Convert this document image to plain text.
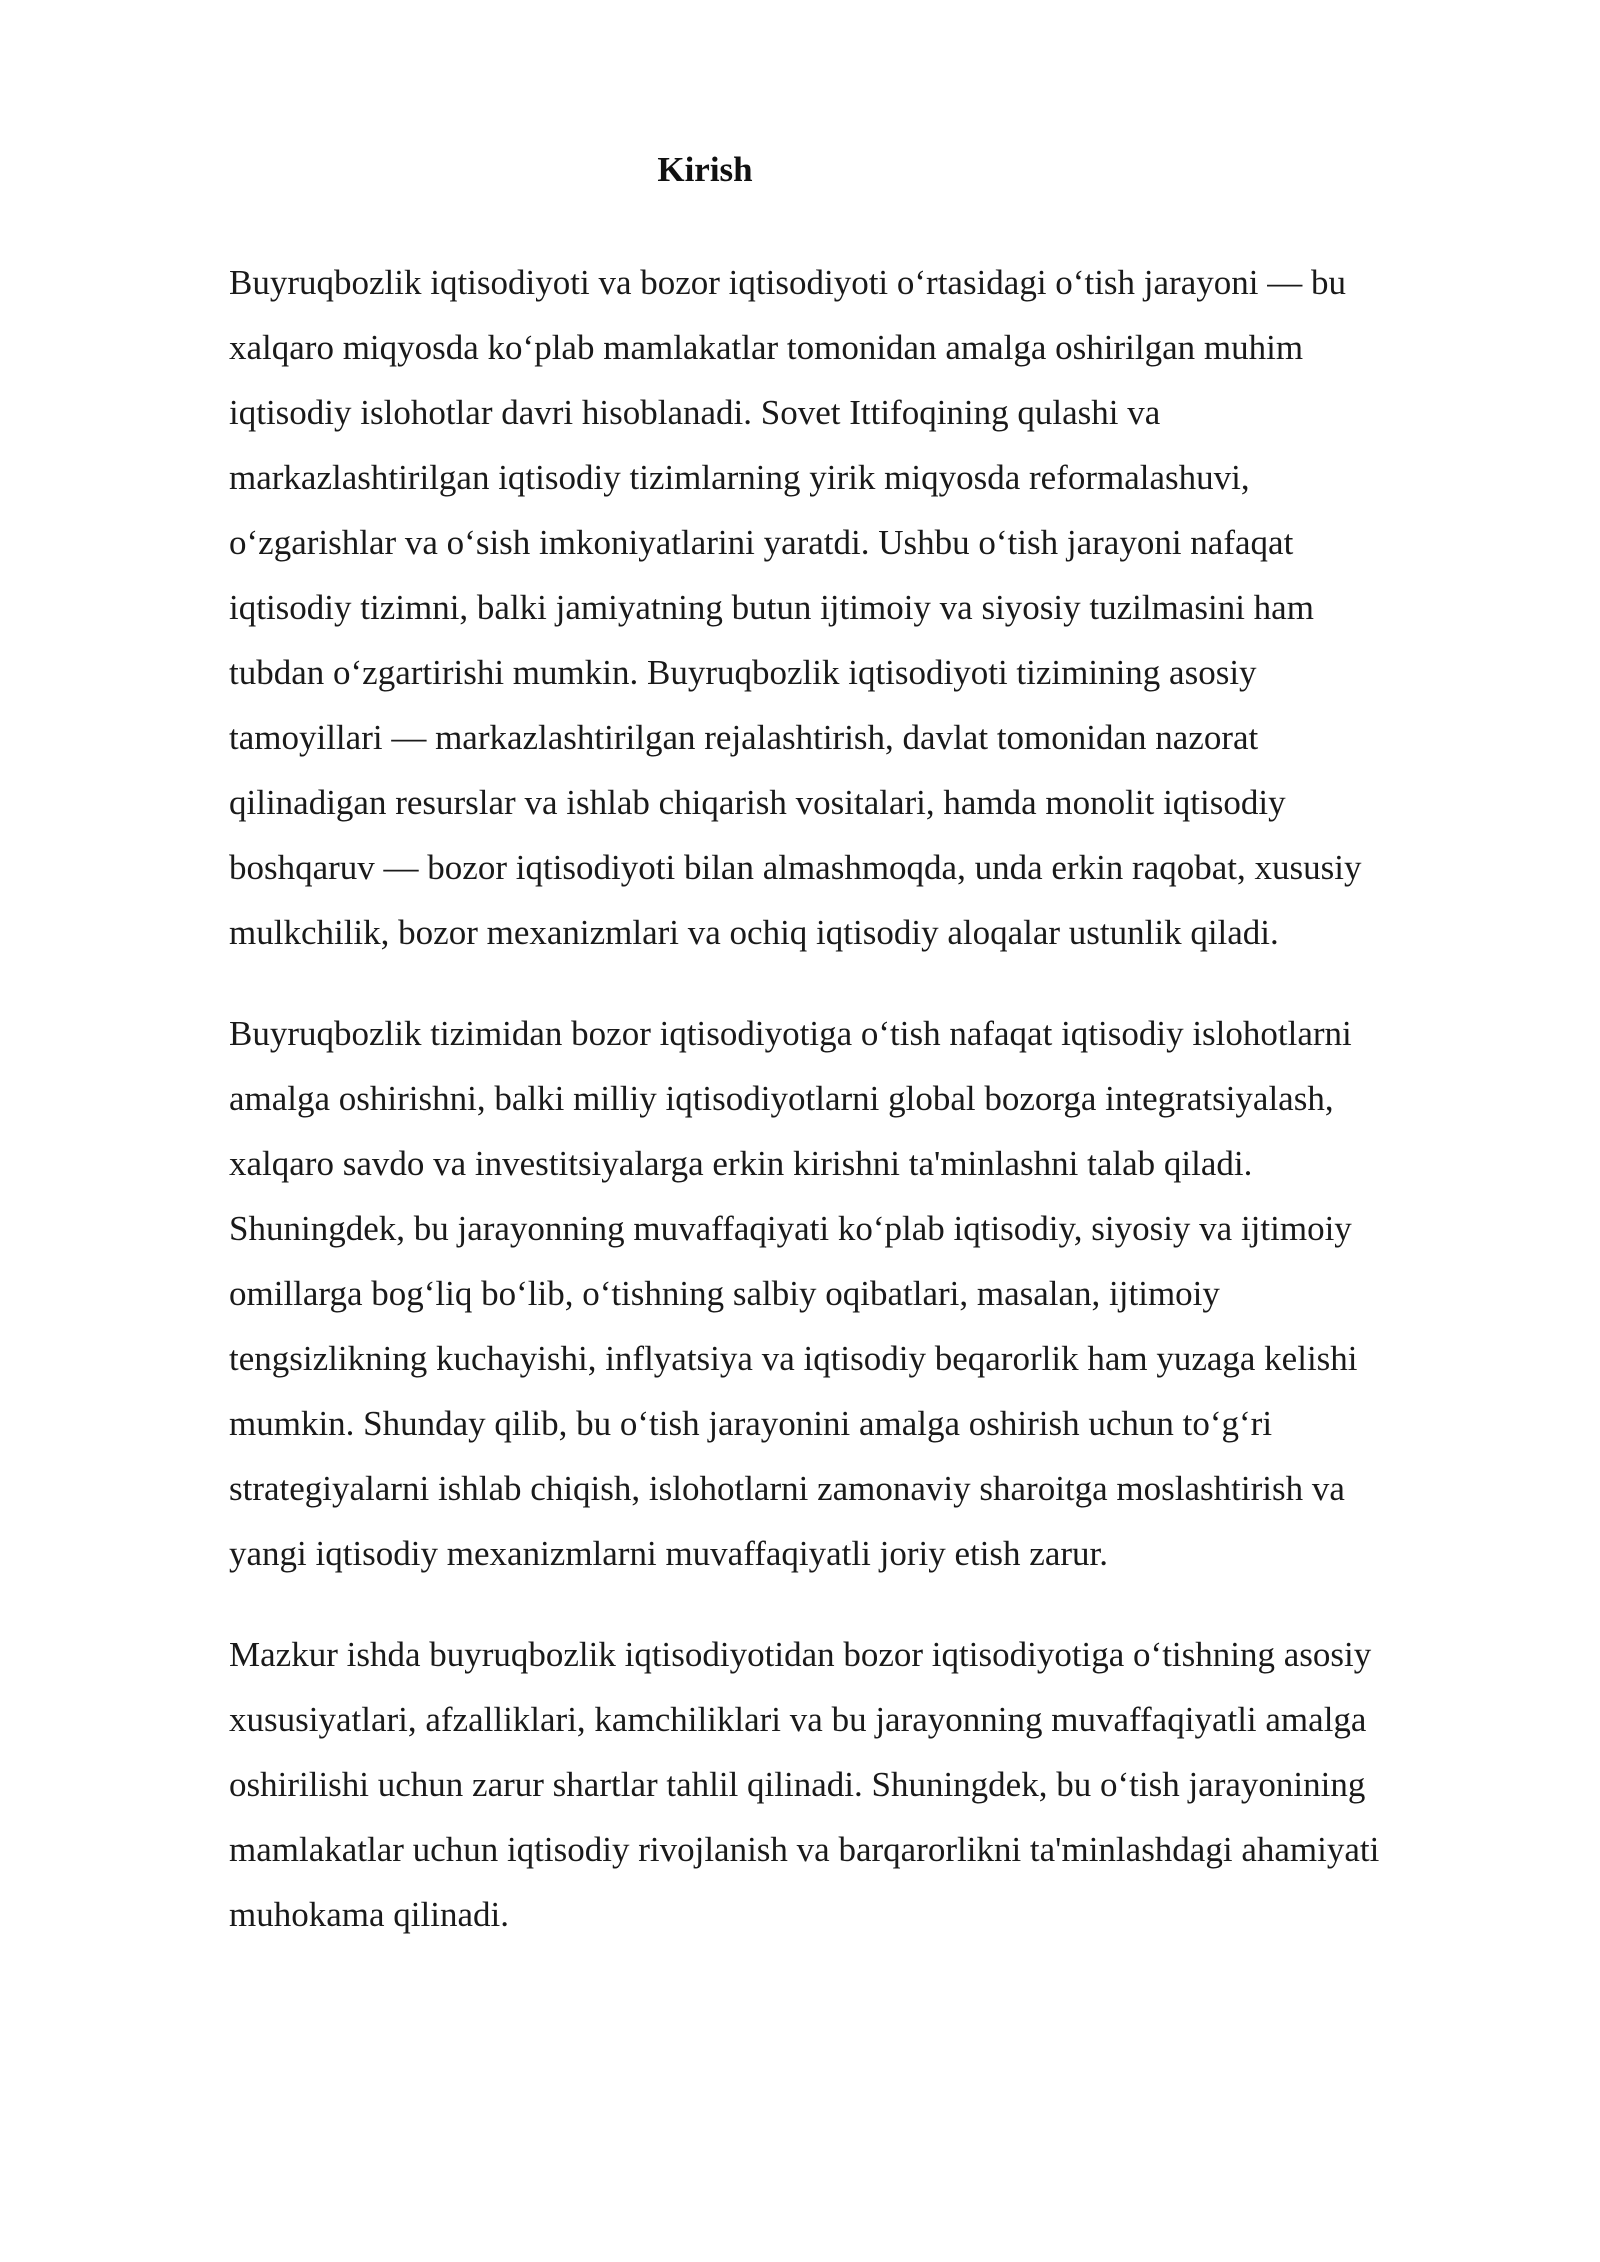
Kirish

Buyruqbozlik iqtisodiyoti va bozor iqtisodiyoti o‘rtasidagi o‘tish jarayoni — bu
xalqaro miqyosda ko‘plab mamlakatlar tomonidan amalga oshirilgan muhim
iqtisodiy islohotlar davri hisoblanadi. Sovet Ittifoqining qulashi va
markazlashtirilgan iqtisodiy tizimlarning yirik miqyosda reformalashuvi,
o‘zgarishlar va o‘sish imkoniyatlarini yaratdi. Ushbu o‘tish jarayoni nafaqat
iqtisodiy tizimni, balki jamiyatning butun ijtimoiy va siyosiy tuzilmasini ham
tubdan o‘zgartirishi mumkin. Buyruqbozlik iqtisodiyoti tizimining asosiy
tamoyillari — markazlashtirilgan rejalashtirish, davlat tomonidan nazorat
qilinadigan resurslar va ishlab chiqarish vositalari, hamda monolit iqtisodiy
boshqaruv — bozor iqtisodiyoti bilan almashmoqda, unda erkin raqobat, xususiy
mulkchilik, bozor mexanizmlari va ochiq iqtisodiy aloqalar ustunlik qiladi.

Buyruqbozlik tizimidan bozor iqtisodiyotiga o‘tish nafaqat iqtisodiy islohotlarni
amalga oshirishni, balki milliy iqtisodiyotlarni global bozorga integratsiyalash,
xalqaro savdo va investitsiyalarga erkin kirishni ta'minlashni talab qiladi.
Shuningdek, bu jarayonning muvaffaqiyati ko‘plab iqtisodiy, siyosiy va ijtimoiy
omillarga bog‘liq bo‘lib, o‘tishning salbiy oqibatlari, masalan, ijtimoiy
tengsizlikning kuchayishi, inflyatsiya va iqtisodiy beqarorlik ham yuzaga kelishi
mumkin. Shunday qilib, bu o‘tish jarayonini amalga oshirish uchun to‘g‘ri
strategiyalarni ishlab chiqish, islohotlarni zamonaviy sharoitga moslashtirish va
yangi iqtisodiy mexanizmlarni muvaffaqiyatli joriy etish zarur.

Mazkur ishda buyruqbozlik iqtisodiyotidan bozor iqtisodiyotiga o‘tishning asosiy
xususiyatlari, afzalliklari, kamchiliklari va bu jarayonning muvaffaqiyatli amalga
oshirilishi uchun zarur shartlar tahlil qilinadi. Shuningdek, bu o‘tish jarayonining
mamlakatlar uchun iqtisodiy rivojlanish va barqarorlikni ta'minlashdagi ahamiyati
muhokama qilinadi.
